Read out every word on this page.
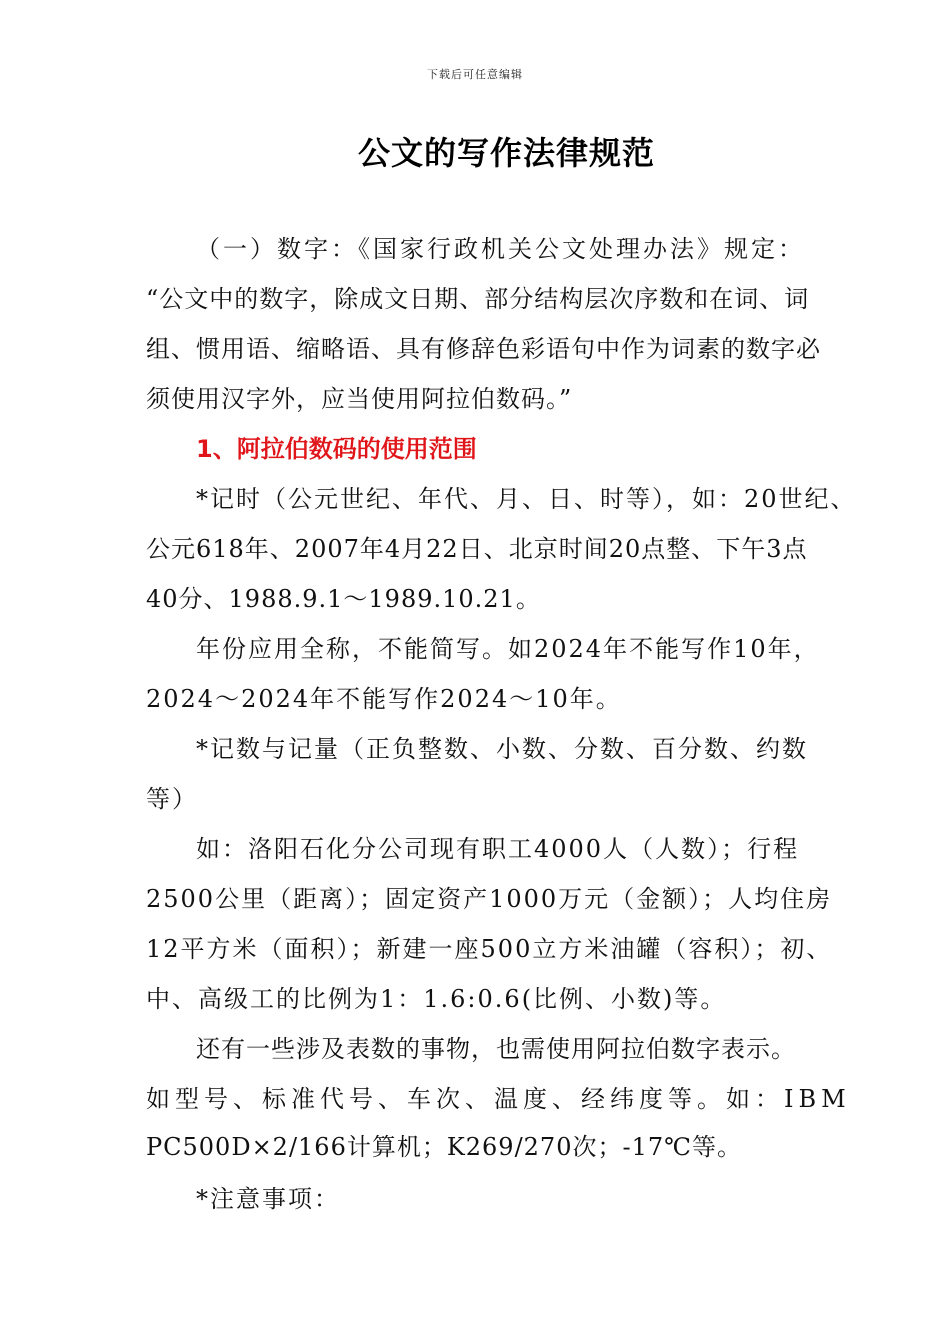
下载后可任意编辑
公文的写作法律规范
（一）数字：《国家行政机关公文处理办法》规定：
“公文中的数字，除成文日期、部分结构层次序数和在词、词
组、惯用语、缩略语、具有修辞色彩语句中作为词素的数字必
须使用汉字外，应当使用阿拉伯数码。”
1、阿拉伯数码的使用范围
*记时（公元世纪、年代、月、日、时等），如：20世纪、
公元618年、2007年4月22日、北京时间20点整、下午3点
40分、1988.9.1～1989.10.21。
年份应用全称，不能简写。如2024年不能写作10年，
2024～2024年不能写作2024～10年。
*记数与记量（正负整数、小数、分数、百分数、约数
等）
如：洛阳石化分公司现有职工4000人（人数）；行程
2500公里（距离）；固定资产1000万元（金额）；人均住房
12平方米（面积）；新建一座500立方米油罐（容积）；初、
中、高级工的比例为1：1.6:0.6(比例、小数)等。
还有一些涉及表数的事物，也需使用阿拉伯数字表示。
如型号、标准代号、车次、温度、经纬度等。如：IBM
PC500D×2/166计算机；K269/270次；-17℃等。
*注意事项：
